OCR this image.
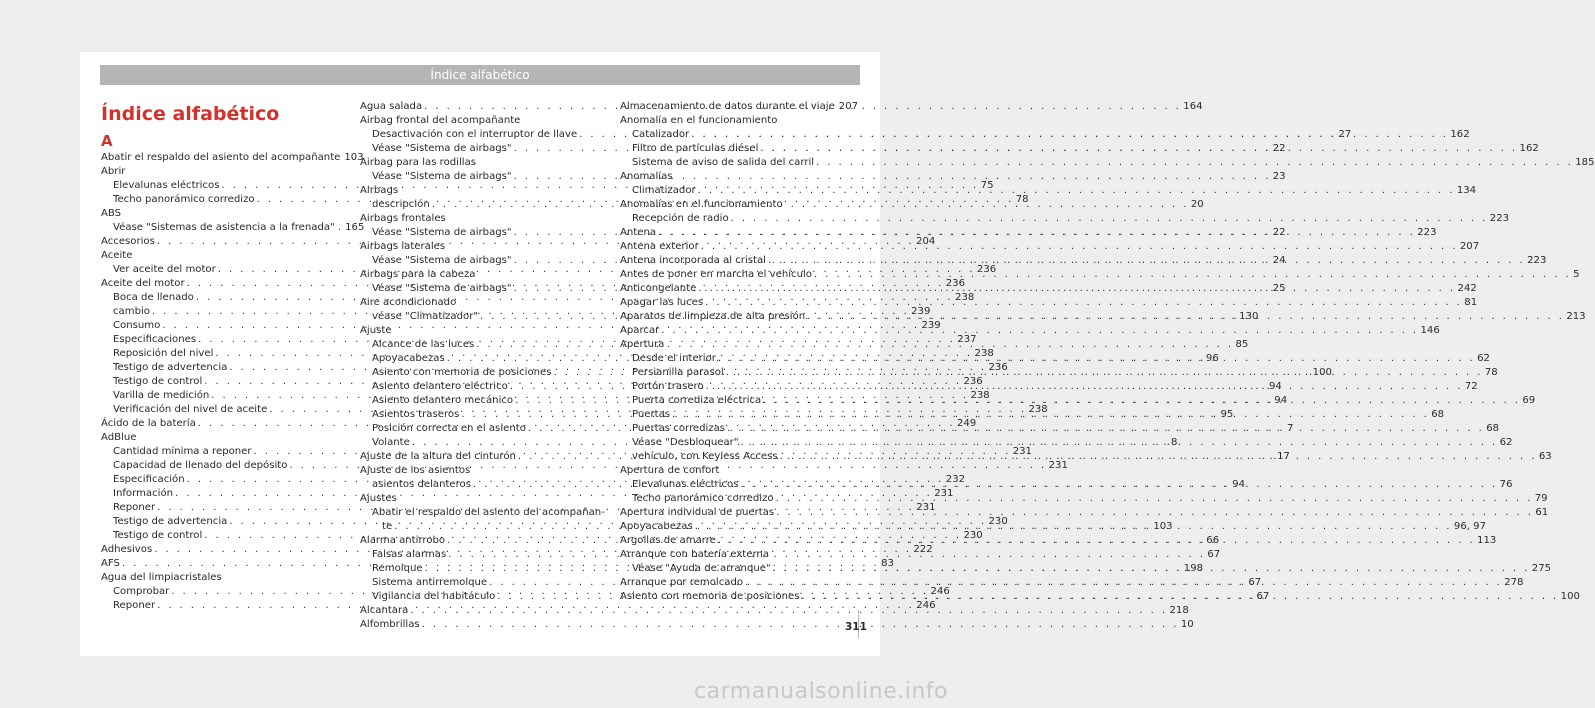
Índice alfabético
Índice alfabético
A
Abatir el respaldo del asiento del acompañante 103
Abrir
Elevalunas eléctricos . . .	75
Techo panorámico corredizo . . .	78
ABS
Véase "Sistemas de asistencia a la frenada" . 165
Accesorios . . .	204
Aceite
Ver aceite del motor . . .	236
Aceite del motor . . .	236
Boca de llenado . . .	238
cambio . . .	239
Consumo . . .	239
Especificaciones . . .	237
Reposición del nivel . . .	238
Testigo de advertencia . . .	236
Testigo de control . . .	236
Varilla de medición . . .	238
Verificación del nivel de aceite . . .	238
Ácido de la batería . . .	249
AdBlue
Cantidad mínima a reponer . . .	231
Capacidad de llenado del depósito . . .	231
Especificación . . .	232
Información . . .	231
Reponer . . .	231
Testigo de advertencia . . .	230
Testigo de control . . .	230
Adhesivos . . .	222
AFS . . .	83
Agua del limpiacristales
Comprobar . . .	246
Reponer . . .	246
Agua salada . . .	164
Airbag frontal del acompañante
Desactivación con el interruptor de llave . . .	27
Véase "Sistema de airbags" . . .	22
Airbag para las rodillas
Véase "Sistema de airbags" . . .	23
Airbags
descripción . . .	20
Airbags frontales
Véase "Sistema de airbags" . . .	22
Airbags laterales
Véase "Sistema de airbags" . . .	24
Airbags para la cabeza
Véase "Sistema de airbags" . . .	25
Aire acondicionado
véase "Climatizador" . . .	130
Ajuste
Alcance de las luces . . .	85
Apoyacabezas . . .	96
Asiento con memoria de posiciones . . .	100
Asiento delantero eléctrico . . .	94
Asiento delantero mecánico . . .	94
Asientos traseros . . .	95
Posición correcta en el asiento . . .	7
Volante . . .	8
Ajuste de la altura del cinturón . . .	17
Ajuste de los asientos
asientos delanteros . . .	94
Ajustes
Abatir el respaldo del asiento del acompañan-
te . . .	103
Alarma antirrobo . . .	66
Falsas alarmas . . .	67
Remolque . . .	198
Sistema antirremolque . . .	67
Vigilancia del habitáculo . . .	67
Alcantara . . .	218
Alfombrillas . . .	10
Almacenamiento de datos durante el viaje 207
Anomalía en el funcionamiento
Catalizador . . .	162
Filtro de partículas diésel . . .	162
Sistema de aviso de salida del carril . . .	185
Anomalías
Climatizador . . .	134
Anomalías en el funcionamiento
Recepción de radio . . .	223
Antena . . .	223
Antena exterior . . .	207
Antena incorporada al cristal . . .	223
Antes de poner en marcha el vehículo . . .	5
Anticongelante . . .	242
Apagar las luces . . .	81
Aparatos de limpieza de alta presión . . .	213
Aparcar . . .	146
Apertura
Desde el interior . . .	62
Persianilla parasol . . .	78
Portón trasero . . .	72
Puerta corrediza eléctrica . . .	69
Puertas . . .	68
Puertas corredizas . . .	68
Véase "Desbloquear" . . .	62
vehículo, con Keyless Access . . .	63
Apertura de confort
Elevalunas eléctricos . . .	76
Techo panorámico corredizo . . .	79
Apertura individual de puertas . . .	61
Apoyacabezas . . .	96, 97
Argollas de amarre . . .	113
Arranque con batería externa
Véase "Ayuda de arranque" . . .	275
Arranque por remolcado . . .	278
Asiento con memoria de posiciones . . .	100
311
carmanualsonline.info
